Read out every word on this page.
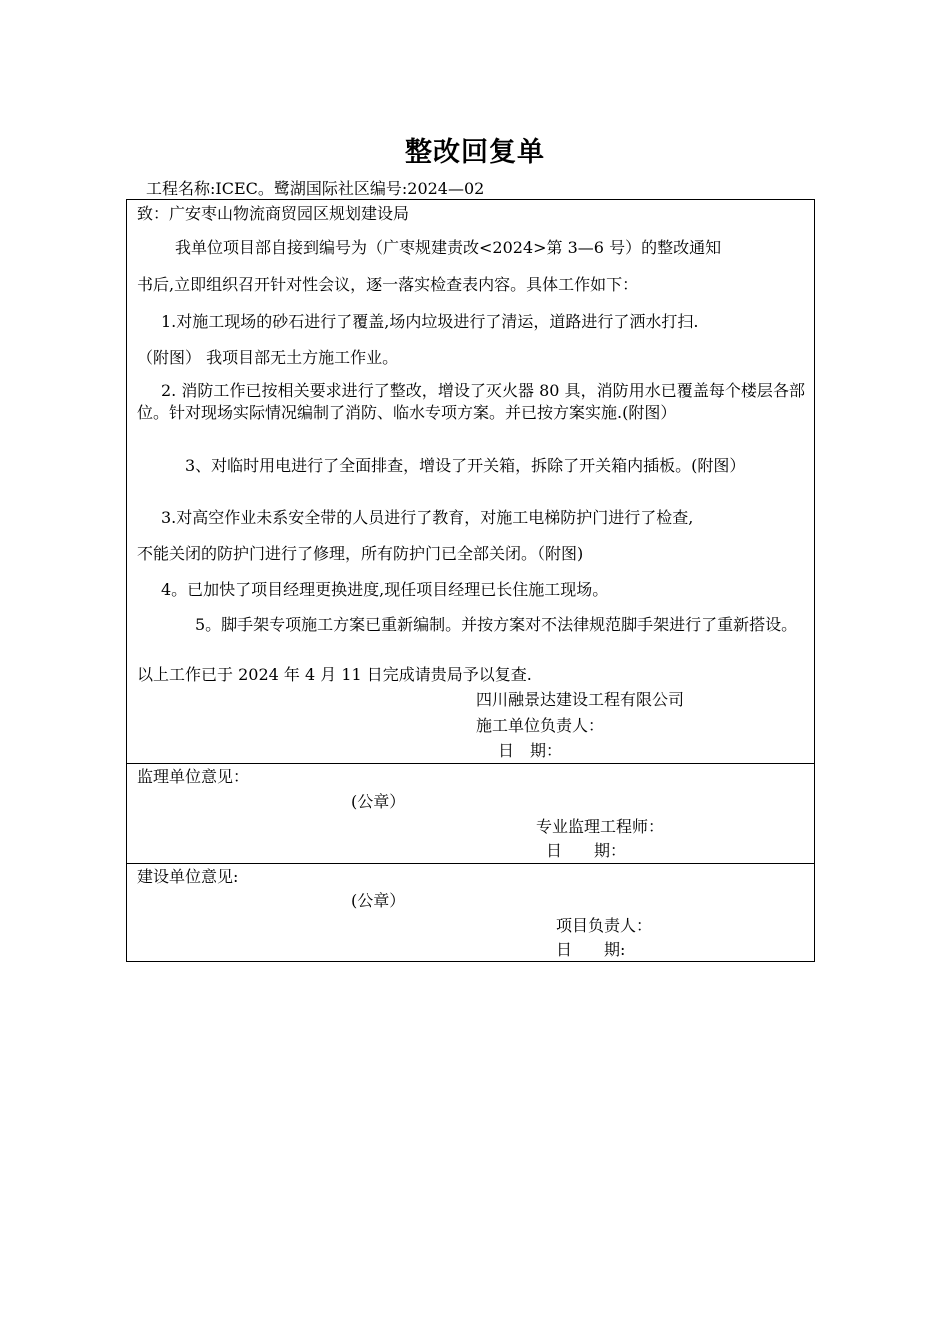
整改回复单
工程名称:ICEC。鹭湖国际社区编号:2024—02
致：广安枣山物流商贸园区规划建设局
我单位项目部自接到编号为（广枣规建责改<2024>第 3—6 号）的整改通知
书后,立即组织召开针对性会议，逐一落实检查表内容。具体工作如下：
1.对施工现场的砂石进行了覆盖,场内垃圾进行了清运，道路进行了洒水打扫.
（附图） 我项目部无土方施工作业。
2. 消防工作已按相关要求进行了整改，增设了灭火器 80 具，消防用水已覆盖每个楼层各部位。针对现场实际情况编制了消防、临水专项方案。并已按方案实施.(附图）
3、对临时用电进行了全面排查，增设了开关箱，拆除了开关箱内插板。(附图）
3.对高空作业未系安全带的人员进行了教育，对施工电梯防护门进行了检查,
不能关闭的防护门进行了修理，所有防护门已全部关闭。（附图)
4。已加快了项目经理更换进度,现任项目经理已长住施工现场。
5。脚手架专项施工方案已重新编制。并按方案对不法律规范脚手架进行了重新搭设。
以上工作已于 2024 年 4 月 11 日完成请贵局予以复查.
四川融景达建设工程有限公司
施工单位负责人：
日　期：
监理单位意见：
(公章）
专业监理工程师：
日　　期：
建设单位意见:
(公章）
项目负责人：
日　　期:
